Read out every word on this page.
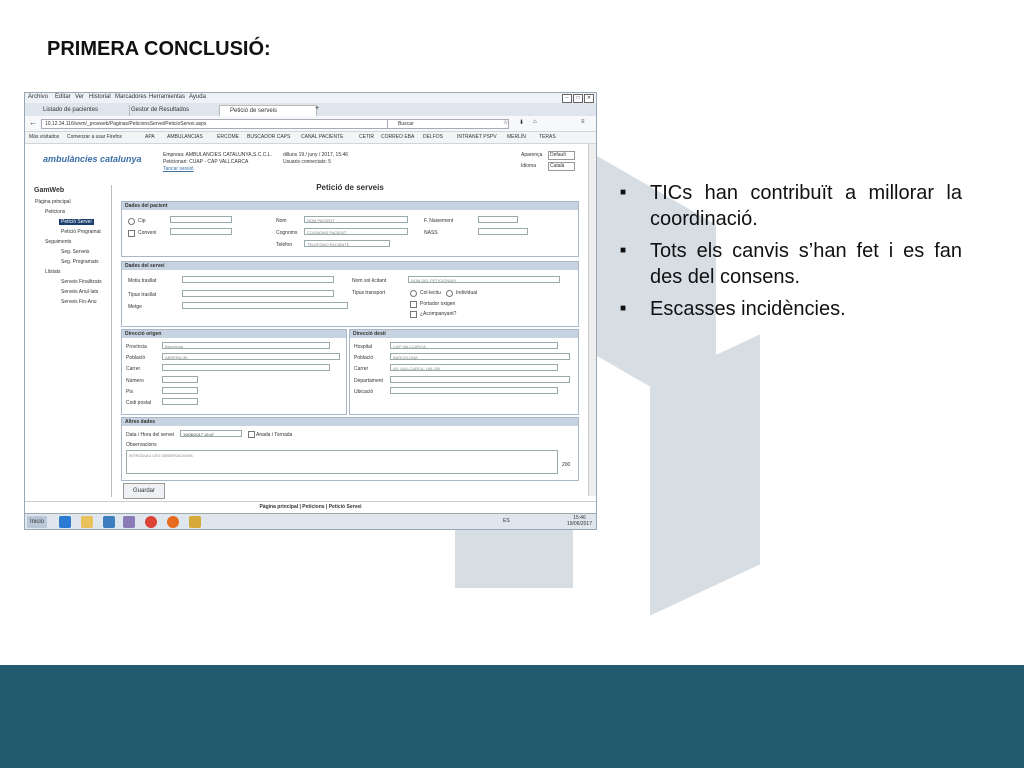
PRIMERA CONCLUSIÓ:
■	TICs han contribuït a millorar la coordinació.
■	Tots els canvis s’han fet i es fan des del consens.
■	Escasses incidències.
Archivo Editar Ver Historial Marcadores Herramientas Ayuda	–	□	✕
Listado de pacientes	Gestor de Resultados	Petició de serveis	+
←	10.12.34.116/wvm/_prosweb/Paginas/PeticionsServei/PeticioServei.aspx	Buscar	☆ ⬇ ⌂	≡
Más visitados Comenzar a usar Firefox	APA AMBULANCIAS	ERCOME BUSCADOR CAPS CANAL PACIENTE	CETIR CORREO EBA DELFOS	INTRANET PSPV MERLÍN	TERAS
ambulàncies catalunya	Empresa: AMBULANCIES CATALUNYA,S.C.C.L.
Peticionari: CUAP - CAP VALLCARCA
Tancar sessió
dilluns 19 / juny / 2017, 15:46
Usuaris connectats: 5
Aparença	Default
Idioma	Català
GamWeb
Pàgina principal
Peticions
Petició Servei
Petició Programat
Seguiments
Seg. Serveis
Seg. Programats
Llistats
Serveis Finalitzats
Serveis Anul·lats
Serveis Fin-Anu
Petició de serveis
Dades del pacient
Cip
Conveni
Nom	NOM PACIENT
Cognoms	COGNOMS PACIENT
Telèfon	TELEFONO PACIENTE
F. Naixement
NASS
Dades del servei
Motiu trasllat
Tipus trasllat
Metge
Nom sol·licitant	NOM DEL PETICIONARI
Tipus transport	Col·lectiu	Individual
Portador oxigen
¿Acompanyant?
Direcció origen
Província	Barcelona
Població	ABRERA (B)
Carrer
Número
Pis
Codi postal
Direcció destí
Hospital	CAP VALLCARCA -
Població	BARCELONA
Carrer	AV. VALLCARCA, 169-205
Departament
Ubicació
Altres dades
Data i Hora del servei	19/06/2017 15:47	Anada i Tornada
Observacions
INTRODUIU LES OBSERVACIONS
200
Guardar
Pàgina principal | Peticions | Petició Servei
Inicio	ES	15:46
19/06/2017
